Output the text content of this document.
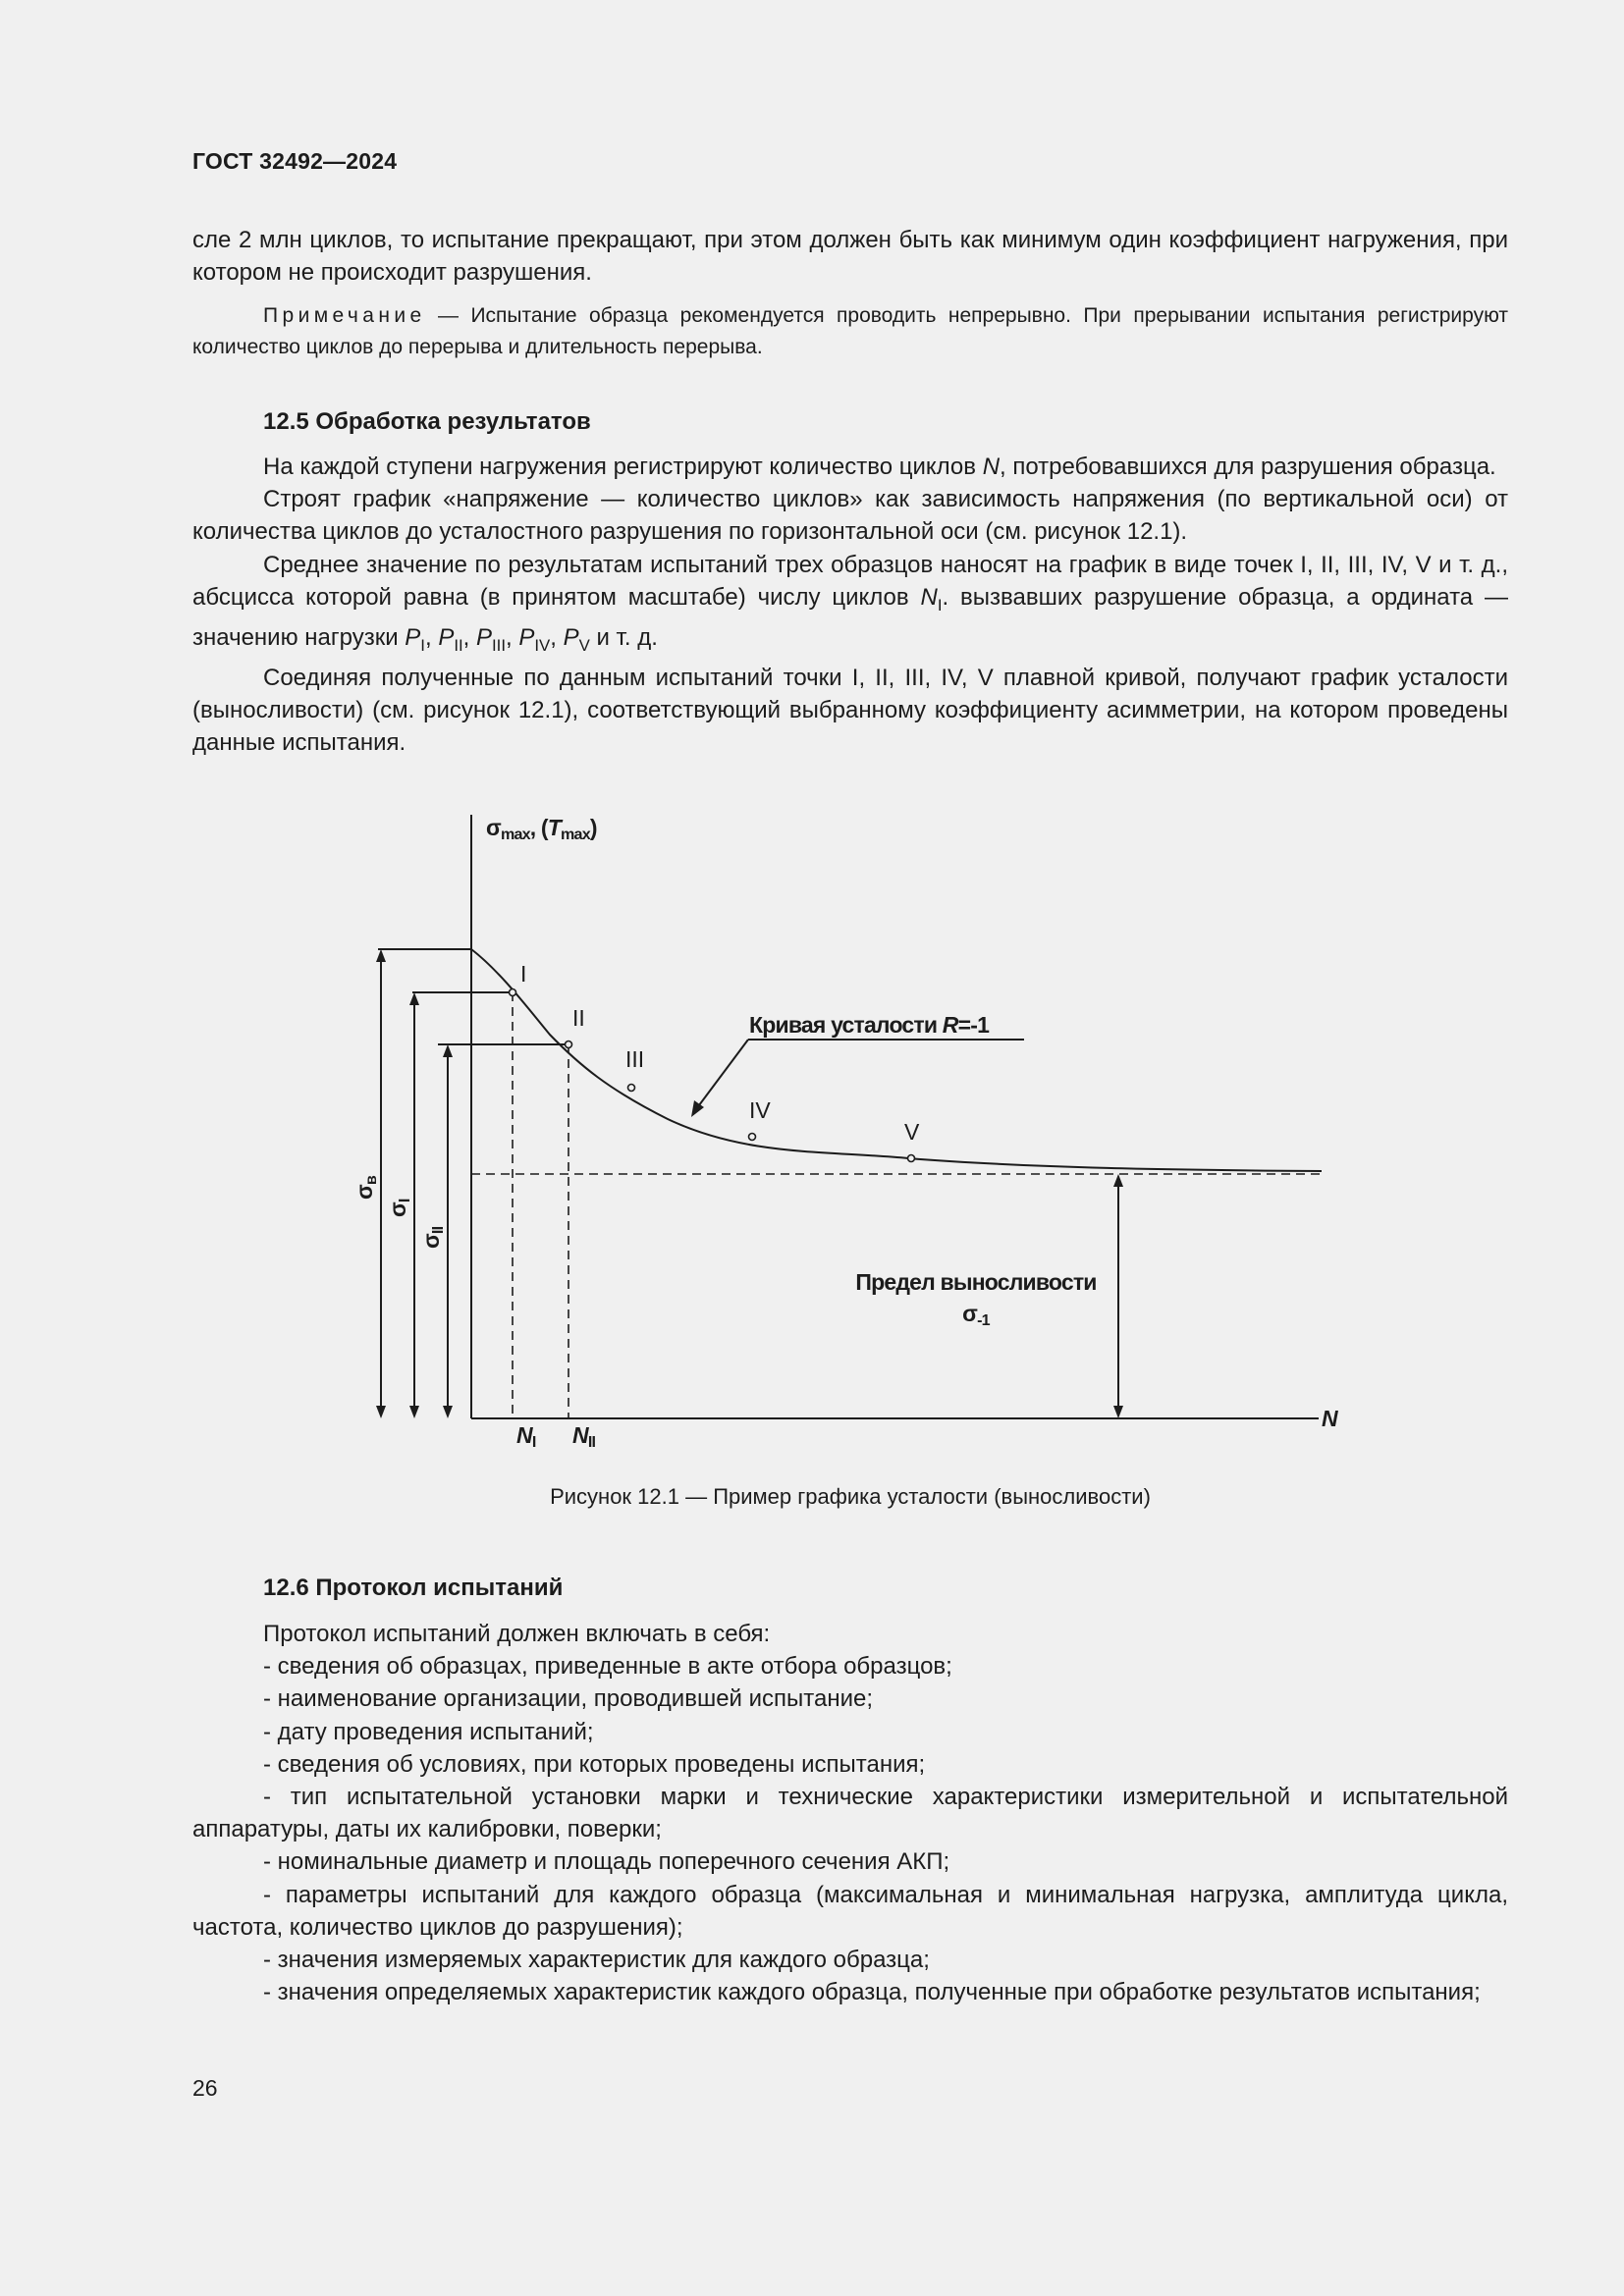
ГОСТ 32492—2024

сле 2 млн циклов, то испытание прекращают, при этом должен быть как минимум один коэффициент нагружения, при котором не происходит разрушения.

Примечание — Испытание образца рекомендуется проводить непрерывно. При прерывании испытания регистрируют количество циклов до перерыва и длительность перерыва.

12.5 Обработка результатов

На каждой ступени нагружения регистрируют количество циклов N, потребовавшихся для разрушения образца.

Строят график «напряжение — количество циклов» как зависимость напряжения (по вертикальной оси) от количества циклов до усталостного разрушения по горизонтальной оси (см. рисунок 12.1).

Среднее значение по результатам испытаний трех образцов наносят на график в виде точек I, II, III, IV, V и т. д., абсцисса которой равна (в принятом масштабе) числу циклов $N_I$. вызвавших разрушение образца, а ордината — значению нагрузки $P_I$, $P_{II}$, $P_{III}$, $P_{IV}$, $P_V$ и т. д.

Соединяя полученные по данным испытаний точки I, II, III, IV, V плавной кривой, получают график усталости (выносливости) (см. рисунок 12.1), соответствующий выбранному коэффициенту асимметрии, на котором проведены данные испытания.

σmax, (Tmax)
N
I
II
III
IV
V
Кривая усталости R=-1
Предел выносливости
σ-1
σв
σI
σII
NI NII
Рисунок 12.1 — Пример графика усталости (выносливости)

12.6 Протокол испытаний

Протокол испытаний должен включать в себя:

- сведения об образцах, приведенные в акте отбора образцов;

- наименование организации, проводившей испытание;

- дату проведения испытаний;

- сведения об условиях, при которых проведены испытания;

- тип испытательной установки марки и технические характеристики измерительной и испытательной аппаратуры, даты их калибровки, поверки;

- номинальные диаметр и площадь поперечного сечения АКП;

- параметры испытаний для каждого образца (максимальная и минимальная нагрузка, амплитуда цикла, частота, количество циклов до разрушения);

- значения измеряемых характеристик для каждого образца;

- значения определяемых характеристик каждого образца, полученные при обработке результатов испытания;

26
